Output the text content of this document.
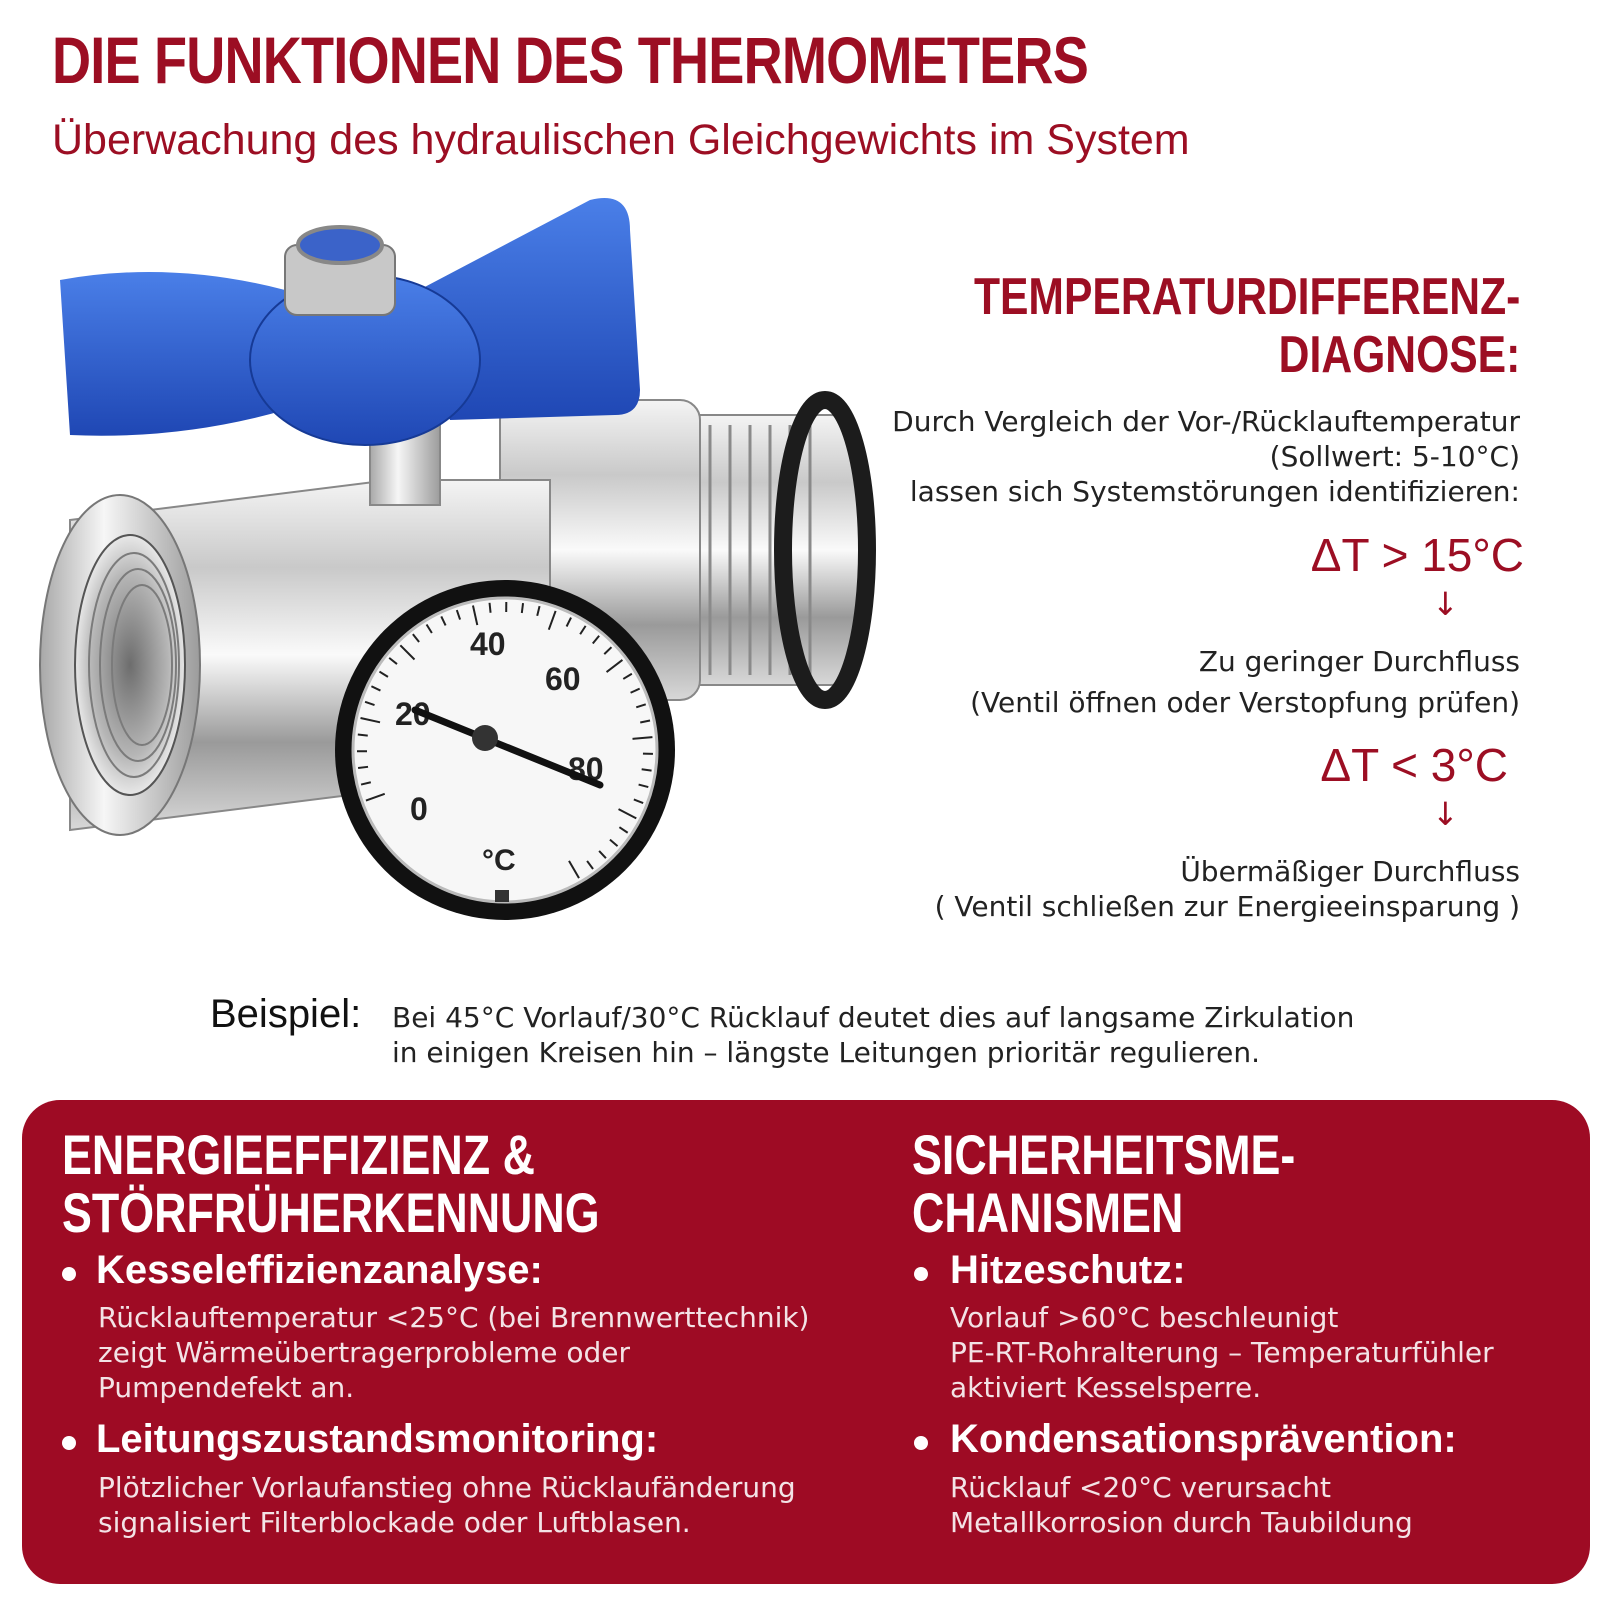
DIE FUNKTIONEN DES THERMOMETERS
Überwachung des hydraulischen Gleichgewichts im System
0
20
40
60
80
°C
TEMPERATURDIFFERENZ-
DIAGNOSE:
Durch Vergleich der Vor-/Rücklauftemperatur
(Sollwert: 5-10°C)
lassen sich Systemstörungen identifizieren:
ΔT > 15°C
↓
Zu geringer Durchfluss
(Ventil öffnen oder Verstopfung prüfen)
ΔT < 3°C
↓
Übermäßiger Durchfluss
( Ventil schließen zur Energieeinsparung )
Beispiel: Bei 45°C Vorlauf/30°C Rücklauf deutet dies auf langsame Zirkulation
in einigen Kreisen hin – längste Leitungen prioritär regulieren.
ENERGIEEFFIZIENZ &
STÖRFRÜHERKENNUNG
Kesseleffizienzanalyse:
Rücklauftemperatur <25°C (bei Brennwerttechnik)
zeigt Wärmeübertragerprobleme oder
Pumpendefekt an.
Leitungszustandsmonitoring:
Plötzlicher Vorlaufanstieg ohne Rücklaufänderung
signalisiert Filterblockade oder Luftblasen.
SICHERHEITSME-
CHANISMEN
Hitzeschutz:
Vorlauf >60°C beschleunigt
PE-RT-Rohralterung – Temperaturfühler
aktiviert Kesselsperre.
Kondensationsprävention:
Rücklauf <20°C verursacht
Metallkorrosion durch Taubildung
